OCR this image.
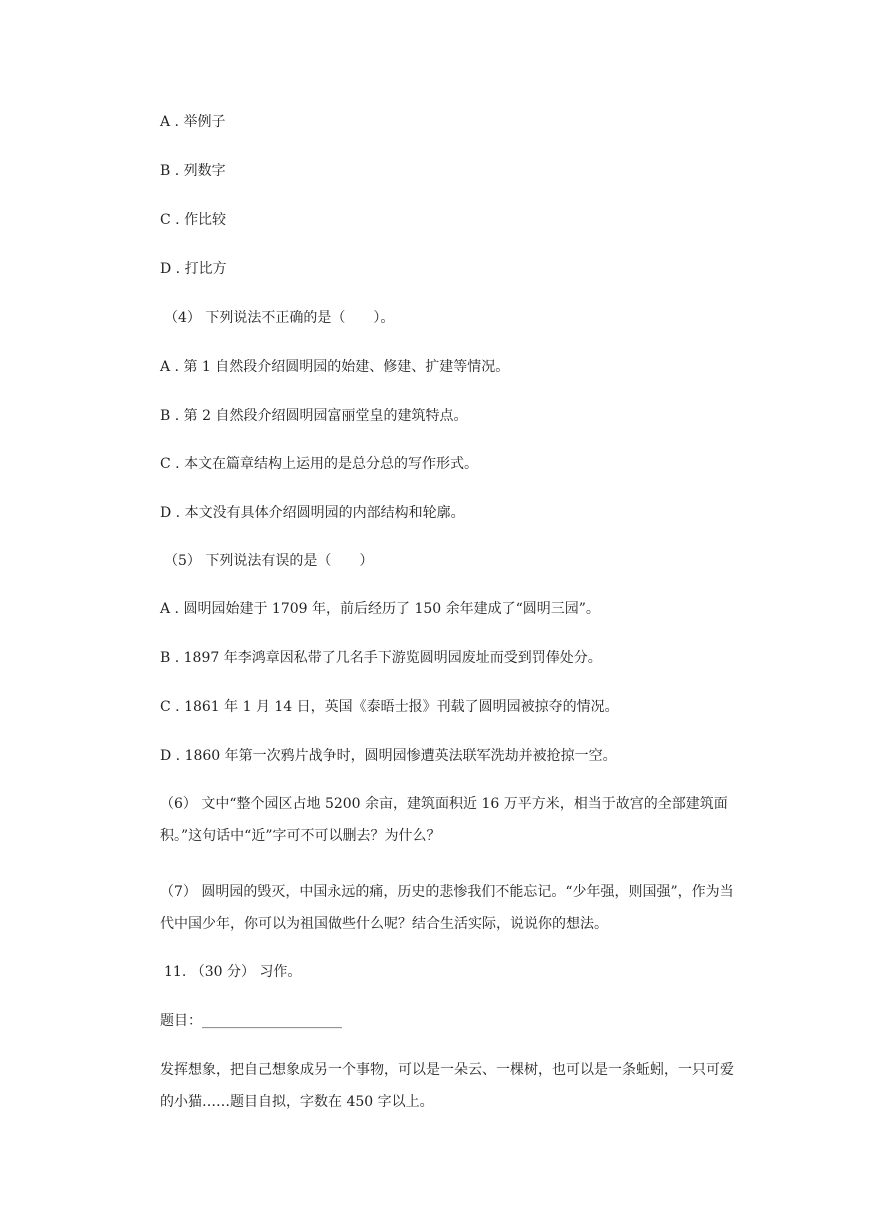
A . 举例子
B . 列数字
C . 作比较
D . 打比方
（4） 下列说法不正确的是（　　）。
A . 第 1 自然段介绍圆明园的始建、修建、扩建等情况。
B . 第 2 自然段介绍圆明园富丽堂皇的建筑特点。
C . 本文在篇章结构上运用的是总分总的写作形式。
D . 本文没有具体介绍圆明园的内部结构和轮廓。
（5） 下列说法有误的是（　　）
A . 圆明园始建于 1709 年，前后经历了 150 余年建成了“圆明三园”。
B . 1897 年李鸿章因私带了几名手下游览圆明园废址而受到罚俸处分。
C . 1861 年 1 月 14 日，英国《泰晤士报》刊载了圆明园被掠夺的情况。
D . 1860 年第一次鸦片战争时，圆明园惨遭英法联军洗劫并被抢掠一空。
（6） 文中“整个园区占地 5200 余亩，建筑面积近 16 万平方米，相当于故宫的全部建筑面积。”这句话中“近”字可不可以删去？为什么？
（7） 圆明园的毁灭，中国永远的痛，历史的悲惨我们不能忘记。“少年强，则国强”，作为当代中国少年，你可以为祖国做些什么呢？结合生活实际，说说你的想法。
11. （30 分） 习作。
题目：____________________
发挥想象，把自己想象成另一个事物，可以是一朵云、一棵树，也可以是一条蚯蚓，一只可爱的小猫……题目自拟，字数在 450 字以上。
